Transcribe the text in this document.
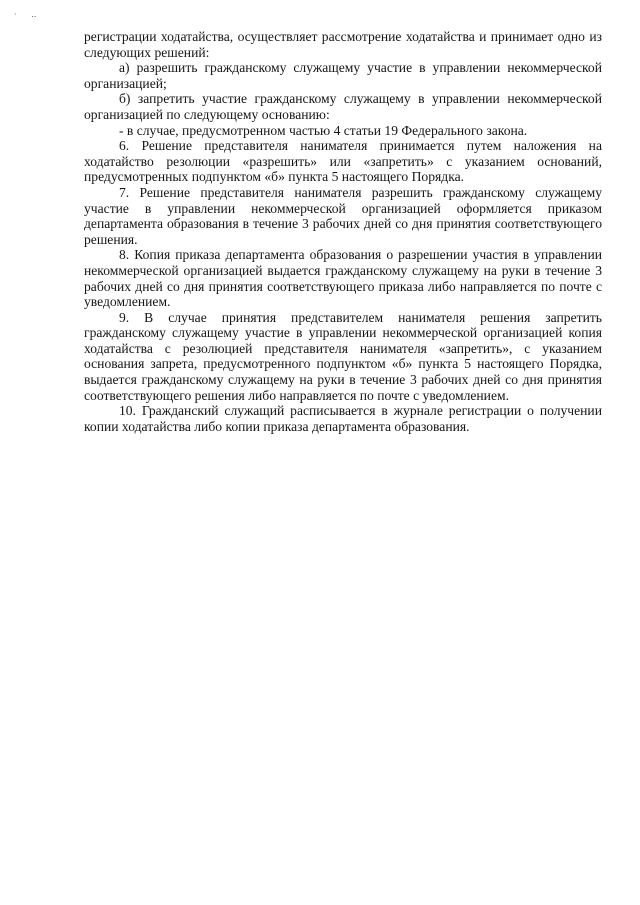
· ‥

регистрации ходатайства, осуществляет рассмотрение ходатайства и принимает одно из следующих решений:

а) разрешить гражданскому служащему участие в управлении некоммерческой организацией;

б) запретить участие гражданскому служащему в управлении некоммерческой организацией по следующему основанию:

- в случае, предусмотренном частью 4 статьи 19 Федерального закона.

6. Решение представителя нанимателя принимается путем наложения на ходатайство резолюции «разрешить» или «запретить» с указанием оснований, предусмотренных подпунктом «б» пункта 5 настоящего Порядка.

7. Решение представителя нанимателя разрешить гражданскому служащему участие в управлении некоммерческой организацией оформляется приказом департамента образования в течение 3 рабочих дней со дня принятия соответствующего решения.

8. Копия приказа департамента образования о разрешении участия в управлении некоммерческой организацией выдается гражданскому служащему на руки в течение 3 рабочих дней со дня принятия соответствующего приказа либо направляется по почте с уведомлением.

9. В случае принятия представителем нанимателя решения запретить гражданскому служащему участие в управлении некоммерческой организацией копия ходатайства с резолюцией представителя нанимателя «запретить», с указанием основания запрета, предусмотренного подпунктом «б» пункта 5 настоящего Порядка, выдается гражданскому служащему на руки в течение 3 рабочих дней со дня принятия соответствующего решения либо направляется по почте с уведомлением.

10. Гражданский служащий расписывается в журнале регистрации о получении копии ходатайства либо копии приказа департамента образования.
